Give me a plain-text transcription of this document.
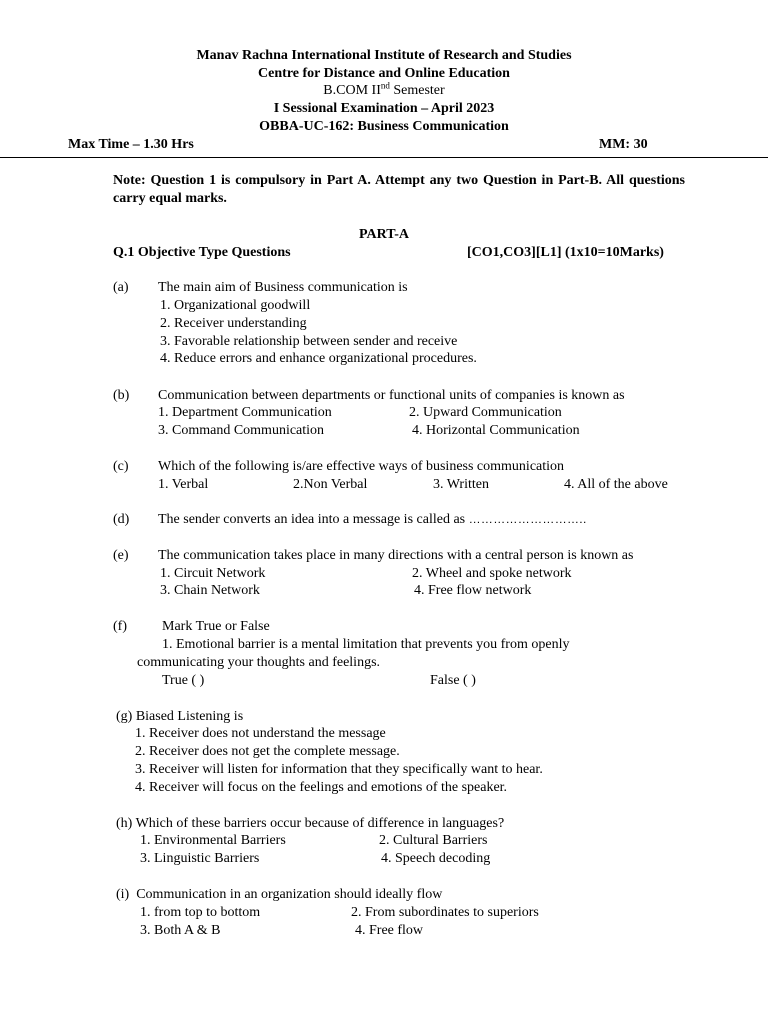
Manav Rachna International Institute of Research and Studies
Centre for Distance and Online Education
B.COM IInd Semester
I Sessional Examination – April 2023
OBBA-UC-162: Business Communication
Max Time – 1.30 Hrs	MM: 30
Note: Question 1 is compulsory in Part A. Attempt any two Question in Part-B. All questions carry equal marks.
PART-A
Q.1 Objective Type Questions	[CO1,CO3][L1] (1x10=10Marks)
(a) The main aim of Business communication is
1. Organizational goodwill
2. Receiver understanding
3. Favorable relationship between sender and receive
4. Reduce errors and enhance organizational procedures.
(b) Communication between departments or functional units of companies is known as
1. Department Communication	2. Upward Communication
3. Command Communication	4. Horizontal Communication
(c) Which of the following is/are effective ways of business communication
1. Verbal	2.Non Verbal	3. Written	4. All of the above
(d) The sender converts an idea into a message is called as ………………………..
(e) The communication takes place in many directions with a central person is known as
1. Circuit Network	2. Wheel and spoke network
3. Chain Network	4. Free flow network
(f)	Mark True or False
1. Emotional barrier is a mental limitation that prevents you from openly
communicating your thoughts and feelings.
True ( )	False ( )
(g) Biased Listening is
1. Receiver does not understand the message
2. Receiver does not get the complete message.
3. Receiver will listen for information that they specifically want to hear.
4. Receiver will focus on the feelings and emotions of the speaker.
(h) Which of these barriers occur because of difference in languages?
1. Environmental Barriers	2. Cultural Barriers
3. Linguistic Barriers	4. Speech decoding
(i)  Communication in an organization should ideally flow
1. from top to bottom	2. From subordinates to superiors
3. Both A & B	4. Free flow
